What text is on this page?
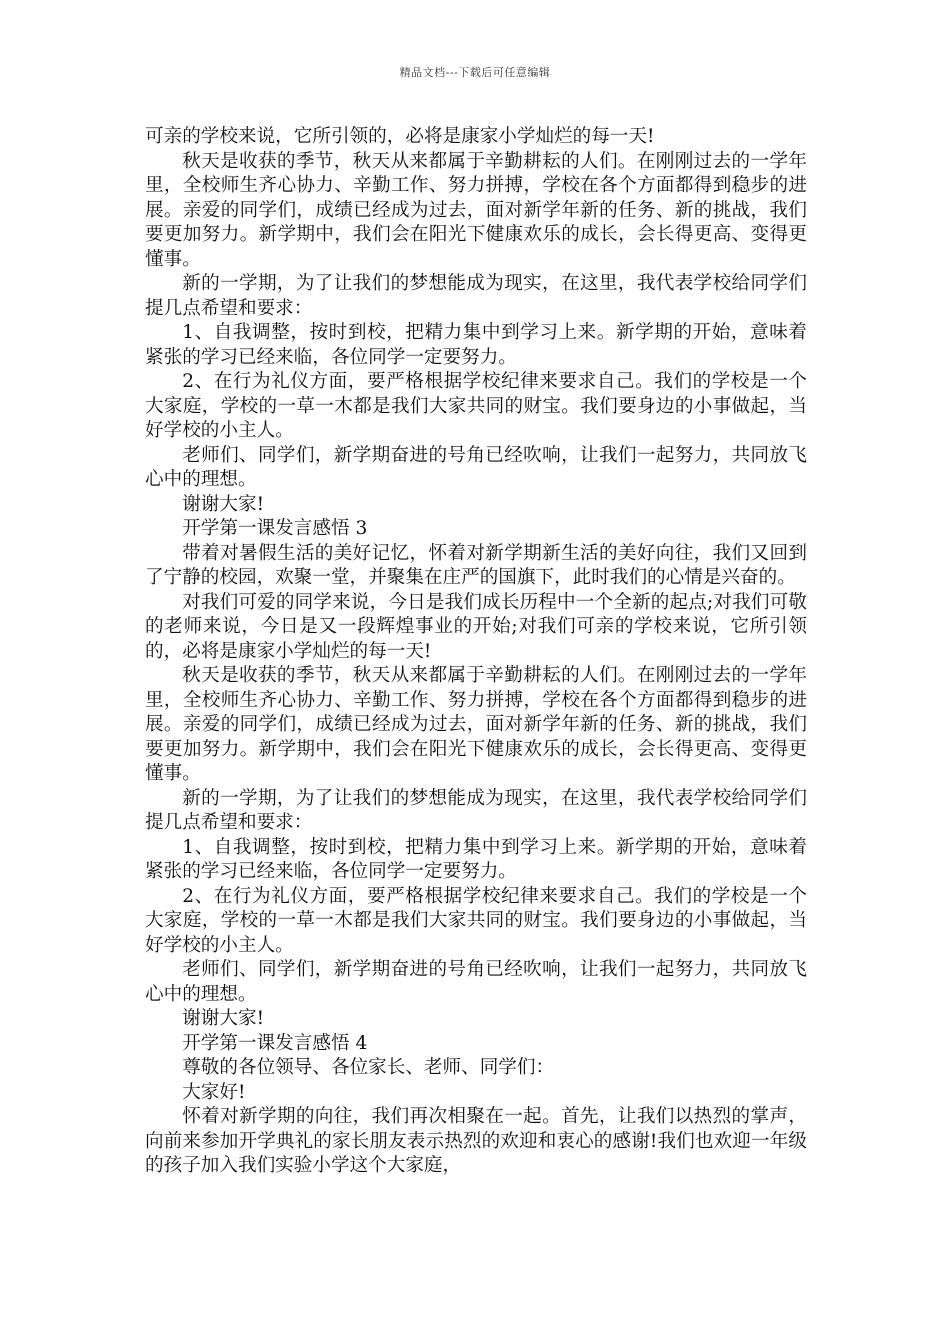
精品文档---下载后可任意编辑

可亲的学校来说，它所引领的，必将是康家小学灿烂的每一天!

秋天是收获的季节，秋天从来都属于辛勤耕耘的人们。在刚刚过去的一学年里，全校师生齐心协力、辛勤工作、努力拼搏，学校在各个方面都得到稳步的进展。亲爱的同学们，成绩已经成为过去，面对新学年新的任务、新的挑战，我们要更加努力。新学期中，我们会在阳光下健康欢乐的成长，会长得更高、变得更懂事。

新的一学期，为了让我们的梦想能成为现实，在这里，我代表学校给同学们提几点希望和要求：

1、自我调整，按时到校，把精力集中到学习上来。新学期的开始，意味着紧张的学习已经来临，各位同学一定要努力。

2、在行为礼仪方面，要严格根据学校纪律来要求自己。我们的学校是一个大家庭，学校的一草一木都是我们大家共同的财宝。我们要身边的小事做起，当好学校的小主人。

老师们、同学们，新学期奋进的号角已经吹响，让我们一起努力，共同放飞心中的理想。

谢谢大家!

开学第一课发言感悟 3

带着对暑假生活的美好记忆，怀着对新学期新生活的美好向往，我们又回到了宁静的校园，欢聚一堂，并聚集在庄严的国旗下，此时我们的心情是兴奋的。

对我们可爱的同学来说，今日是我们成长历程中一个全新的起点;对我们可敬的老师来说，今日是又一段辉煌事业的开始;对我们可亲的学校来说，它所引领的，必将是康家小学灿烂的每一天!

秋天是收获的季节，秋天从来都属于辛勤耕耘的人们。在刚刚过去的一学年里，全校师生齐心协力、辛勤工作、努力拼搏，学校在各个方面都得到稳步的进展。亲爱的同学们，成绩已经成为过去，面对新学年新的任务、新的挑战，我们要更加努力。新学期中，我们会在阳光下健康欢乐的成长，会长得更高、变得更懂事。

新的一学期，为了让我们的梦想能成为现实，在这里，我代表学校给同学们提几点希望和要求：

1、自我调整，按时到校，把精力集中到学习上来。新学期的开始，意味着紧张的学习已经来临，各位同学一定要努力。

2、在行为礼仪方面，要严格根据学校纪律来要求自己。我们的学校是一个大家庭，学校的一草一木都是我们大家共同的财宝。我们要身边的小事做起，当好学校的小主人。

老师们、同学们，新学期奋进的号角已经吹响，让我们一起努力，共同放飞心中的理想。

谢谢大家!

开学第一课发言感悟 4

尊敬的各位领导、各位家长、老师、同学们：

大家好!

怀着对新学期的向往，我们再次相聚在一起。首先，让我们以热烈的掌声，向前来参加开学典礼的家长朋友表示热烈的欢迎和衷心的感谢!我们也欢迎一年级的孩子加入我们实验小学这个大家庭，
